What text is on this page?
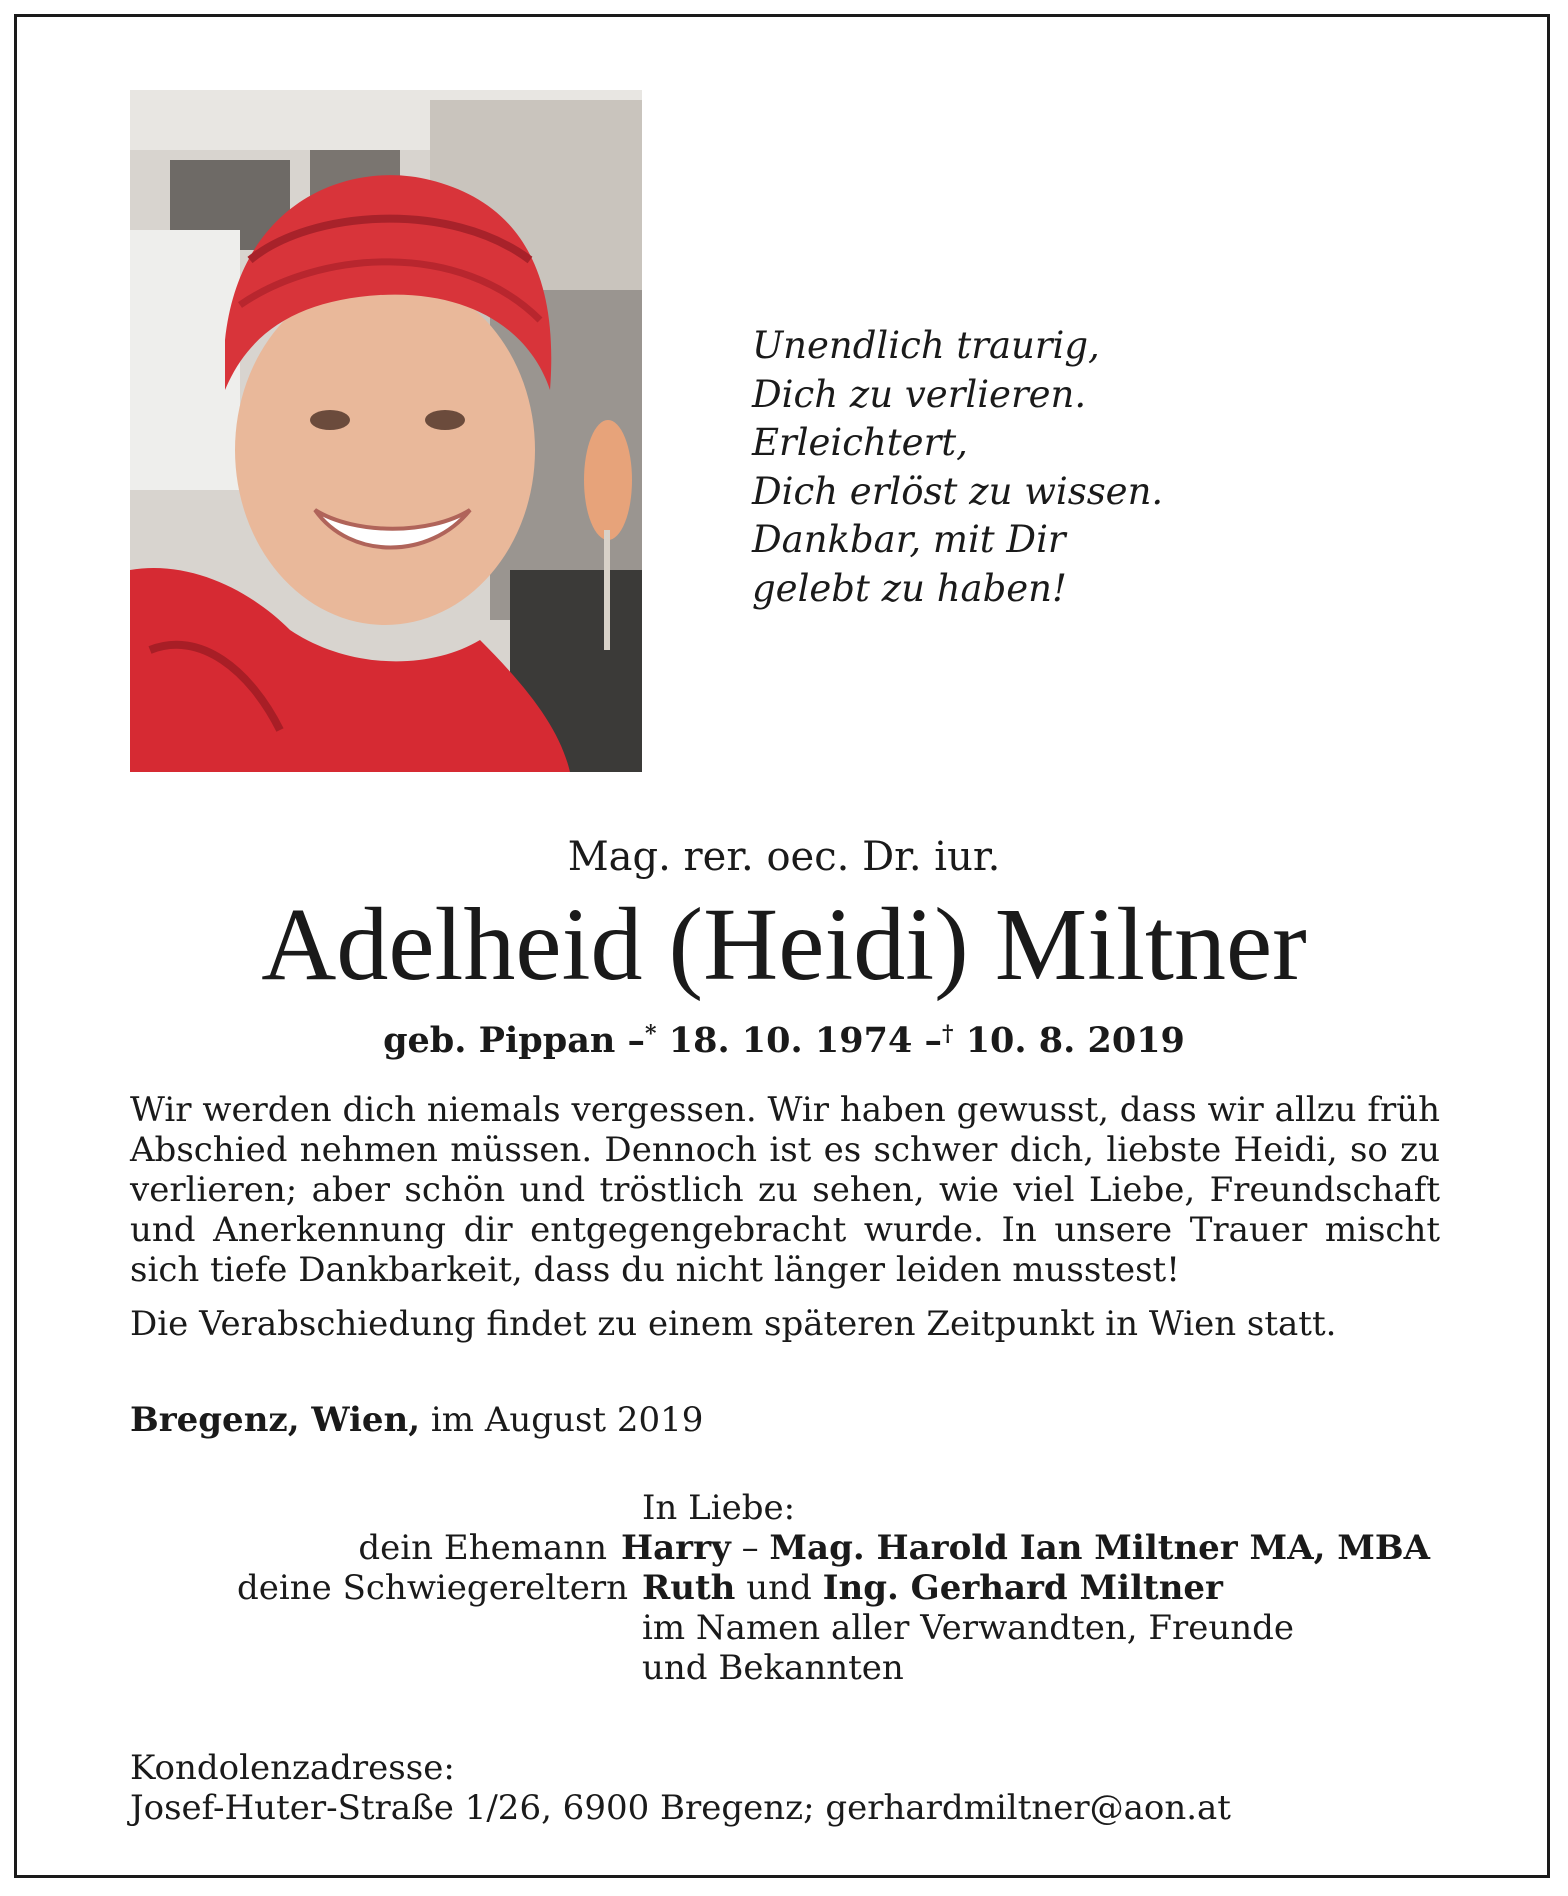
Unendlich traurig,
Dich zu verlieren.
Erleichtert,
Dich erlöst zu wissen.
Dankbar, mit Dir
gelebt zu haben!
Mag. rer. oec. Dr. iur.
Adelheid (Heidi) Miltner
geb. Pippan –* 18. 10. 1974 –† 10. 8. 2019

Wir werden dich niemals vergessen. Wir haben gewusst, dass wir allzu früh Abschied nehmen müssen. Dennoch ist es schwer dich, liebste Heidi, so zu verlieren; aber schön und tröstlich zu sehen, wie viel Liebe, Freundschaft und Anerkennung dir entgegengebracht wurde. In unsere Trauer mischt sich tiefe Dankbarkeit, dass du nicht länger leiden musstest!

Die Verabschiedung findet zu einem späteren Zeitpunkt in Wien statt.

Bregenz, Wien, im August 2019
In Liebe:
dein Ehemann Harry – Mag. Harold Ian Miltner MA, MBA
deine Schwiegereltern Ruth und Ing. Gerhard Miltner
im Namen aller Verwandten, Freunde
und Bekannten
Kondolenzadresse:
Josef-Huter-Straße 1/26, 6900 Bregenz; gerhardmiltner@aon.at
